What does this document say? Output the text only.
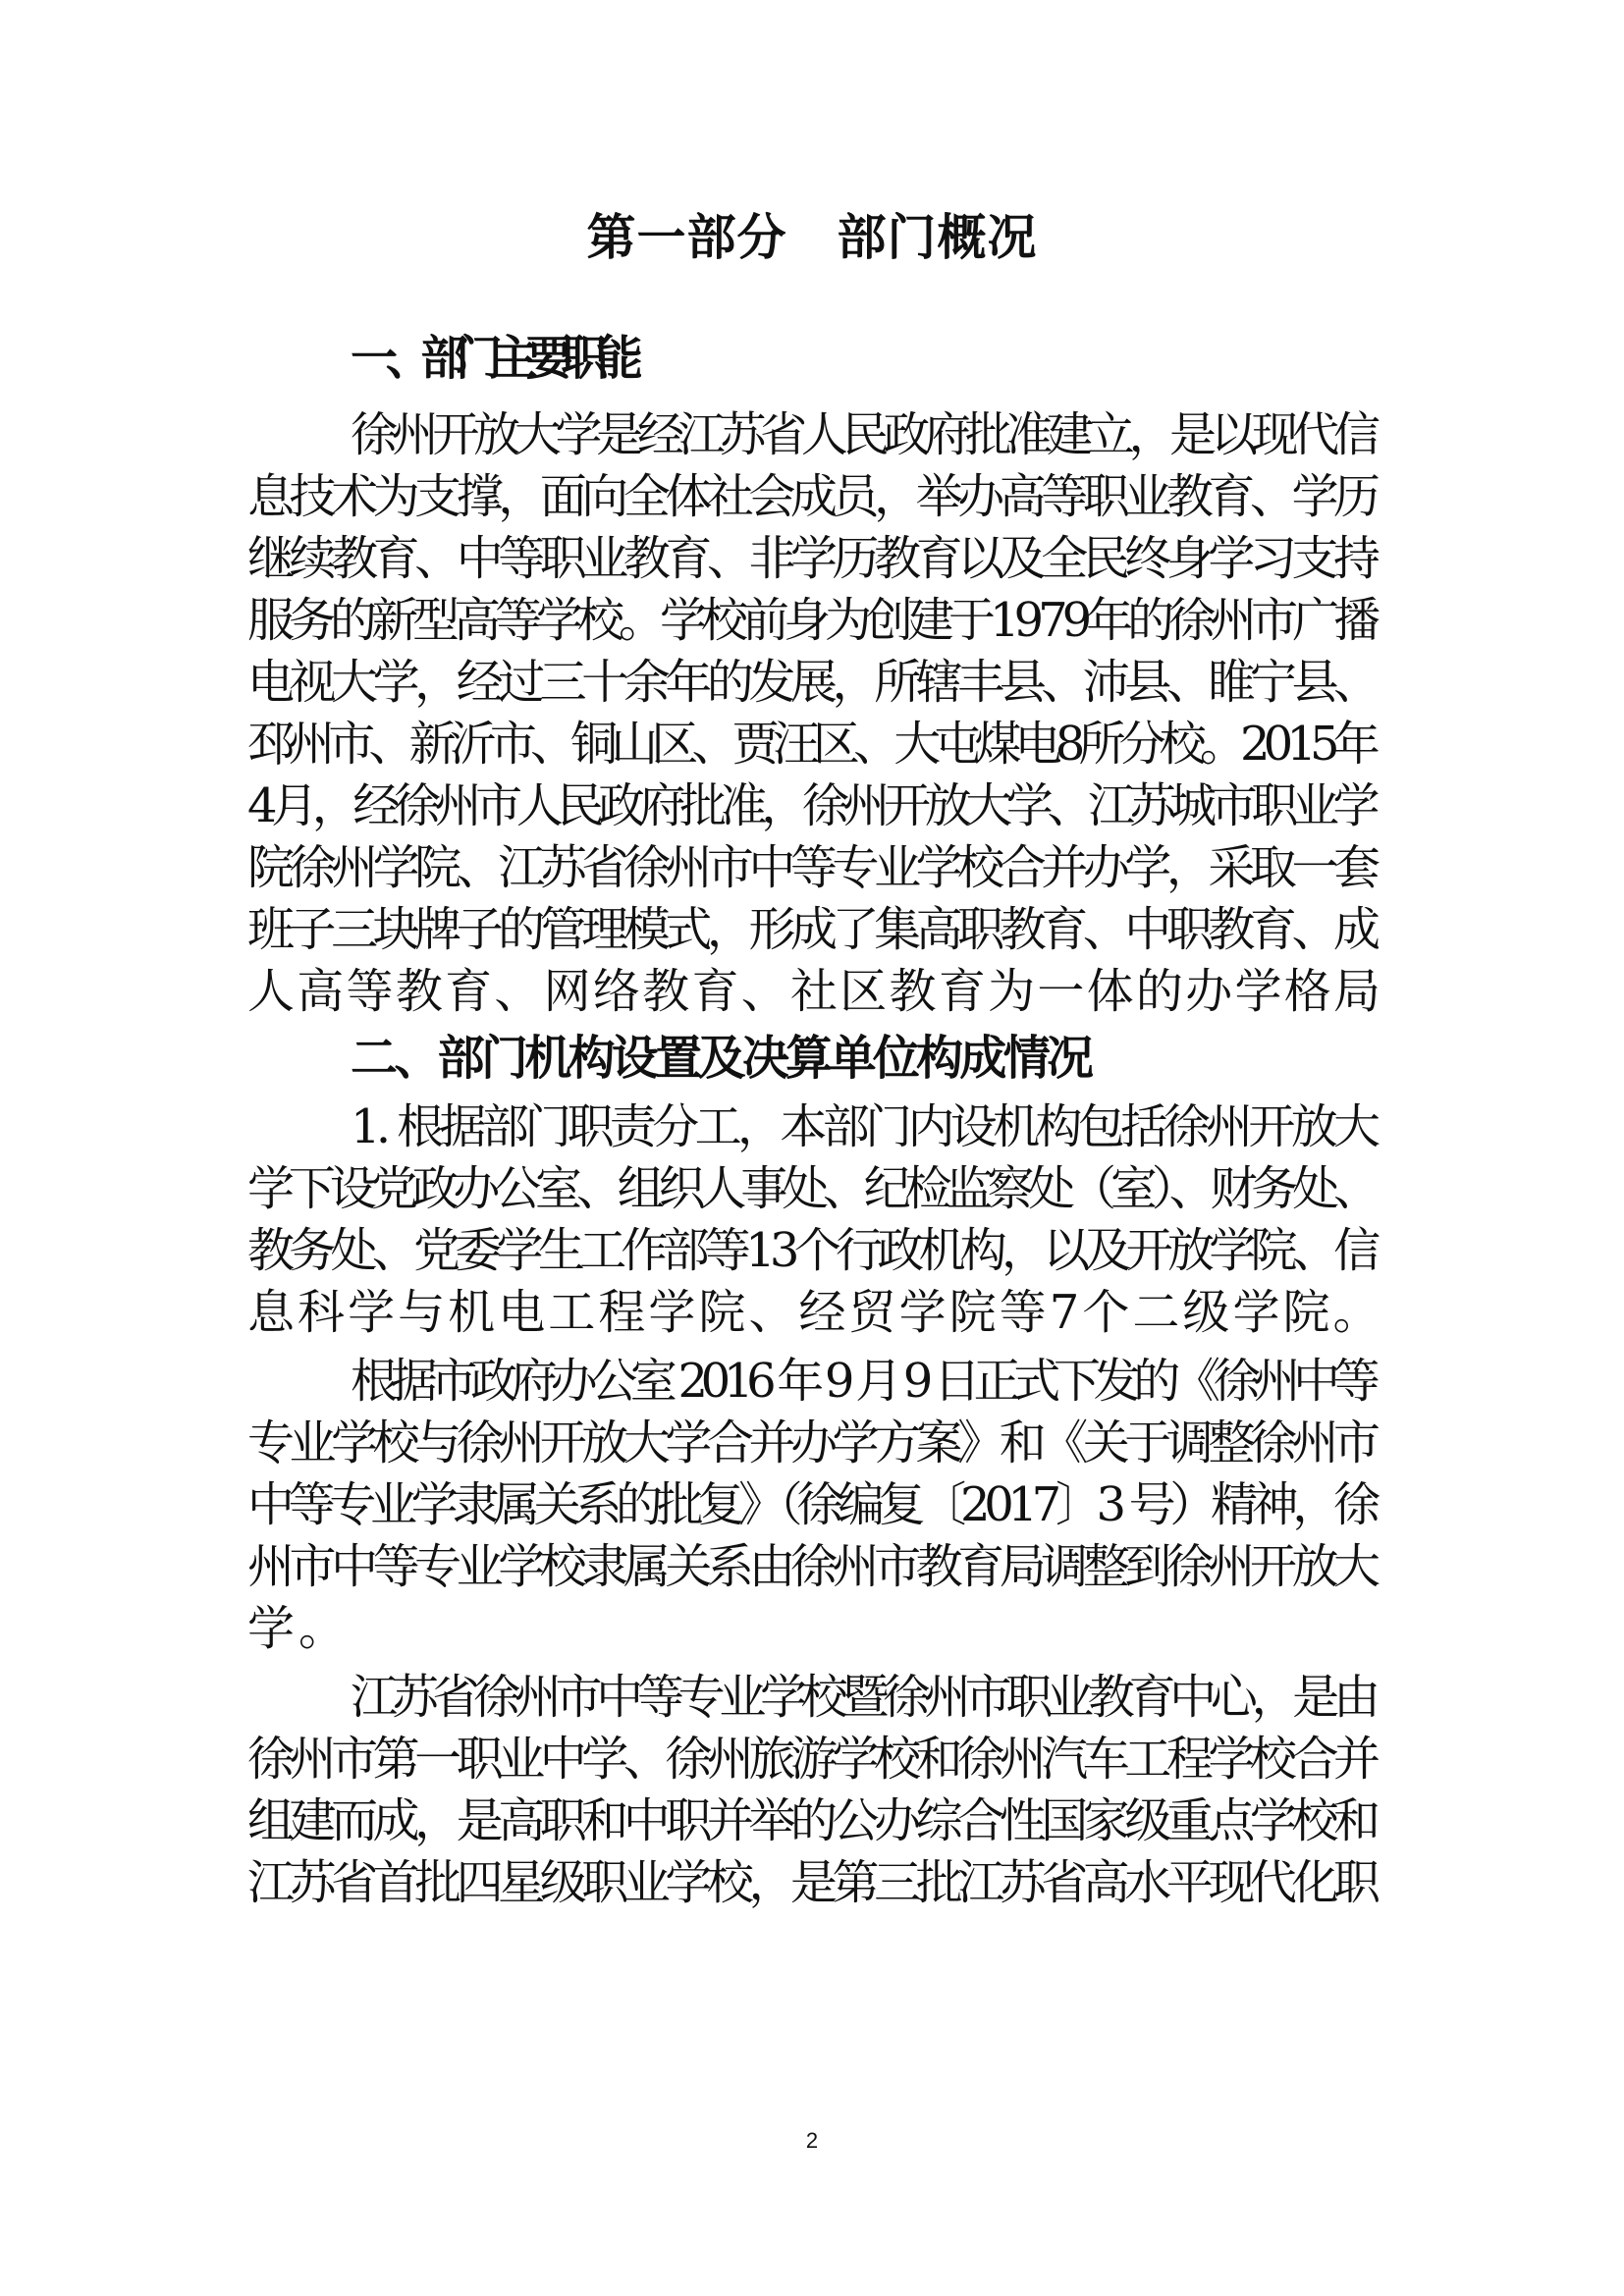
第一部分　部门概况
一、部门主要职能
徐州开放大学是经江苏省人民政府批准建立，是以现代信
息技术为支撑，面向全体社会成员，举办高等职业教育、学历
继续教育、中等职业教育、非学历教育以及全民终身学习支持
服务的新型高等学校。学校前身为创建于1979年的徐州市广播
电视大学，经过三十余年的发展，所辖丰县、沛县、睢宁县、
邳州市、新沂市、铜山区、贾汪区、大屯煤电8所分校。2015年
4月，经徐州市人民政府批准，徐州开放大学、江苏城市职业学
院徐州学院、江苏省徐州市中等专业学校合并办学，采取一套
班子三块牌子的管理模式，形成了集高职教育、中职教育、成
人高等教育、网络教育、社区教育为一体的办学格局
二、部门机构设置及决算单位构成情况
1. 根据部门职责分工，本部门内设机构包括徐州开放大
学下设党政办公室、组织人事处、纪检监察处（室）、财务处、
教务处、党委学生工作部等13个行政机构，以及开放学院、信
息科学与机电工程学院、经贸学院等7个二级学院。
根据市政府办公室 2016 年 9 月 9 日正式下发的《徐州中等
专业学校与徐州开放大学合并办学方案》和《关于调整徐州市
中等专业学隶属关系的批复》（徐编复〔2017〕3 号）精神，徐
州市中等专业学校隶属关系由徐州市教育局调整到徐州开放大
学。
江苏省徐州市中等专业学校暨徐州市职业教育中心，是由
徐州市第一职业中学、徐州旅游学校和徐州汽车工程学校合并
组建而成，是高职和中职并举的公办综合性国家级重点学校和
江苏省首批四星级职业学校，是第三批江苏省高水平现代化职
2
